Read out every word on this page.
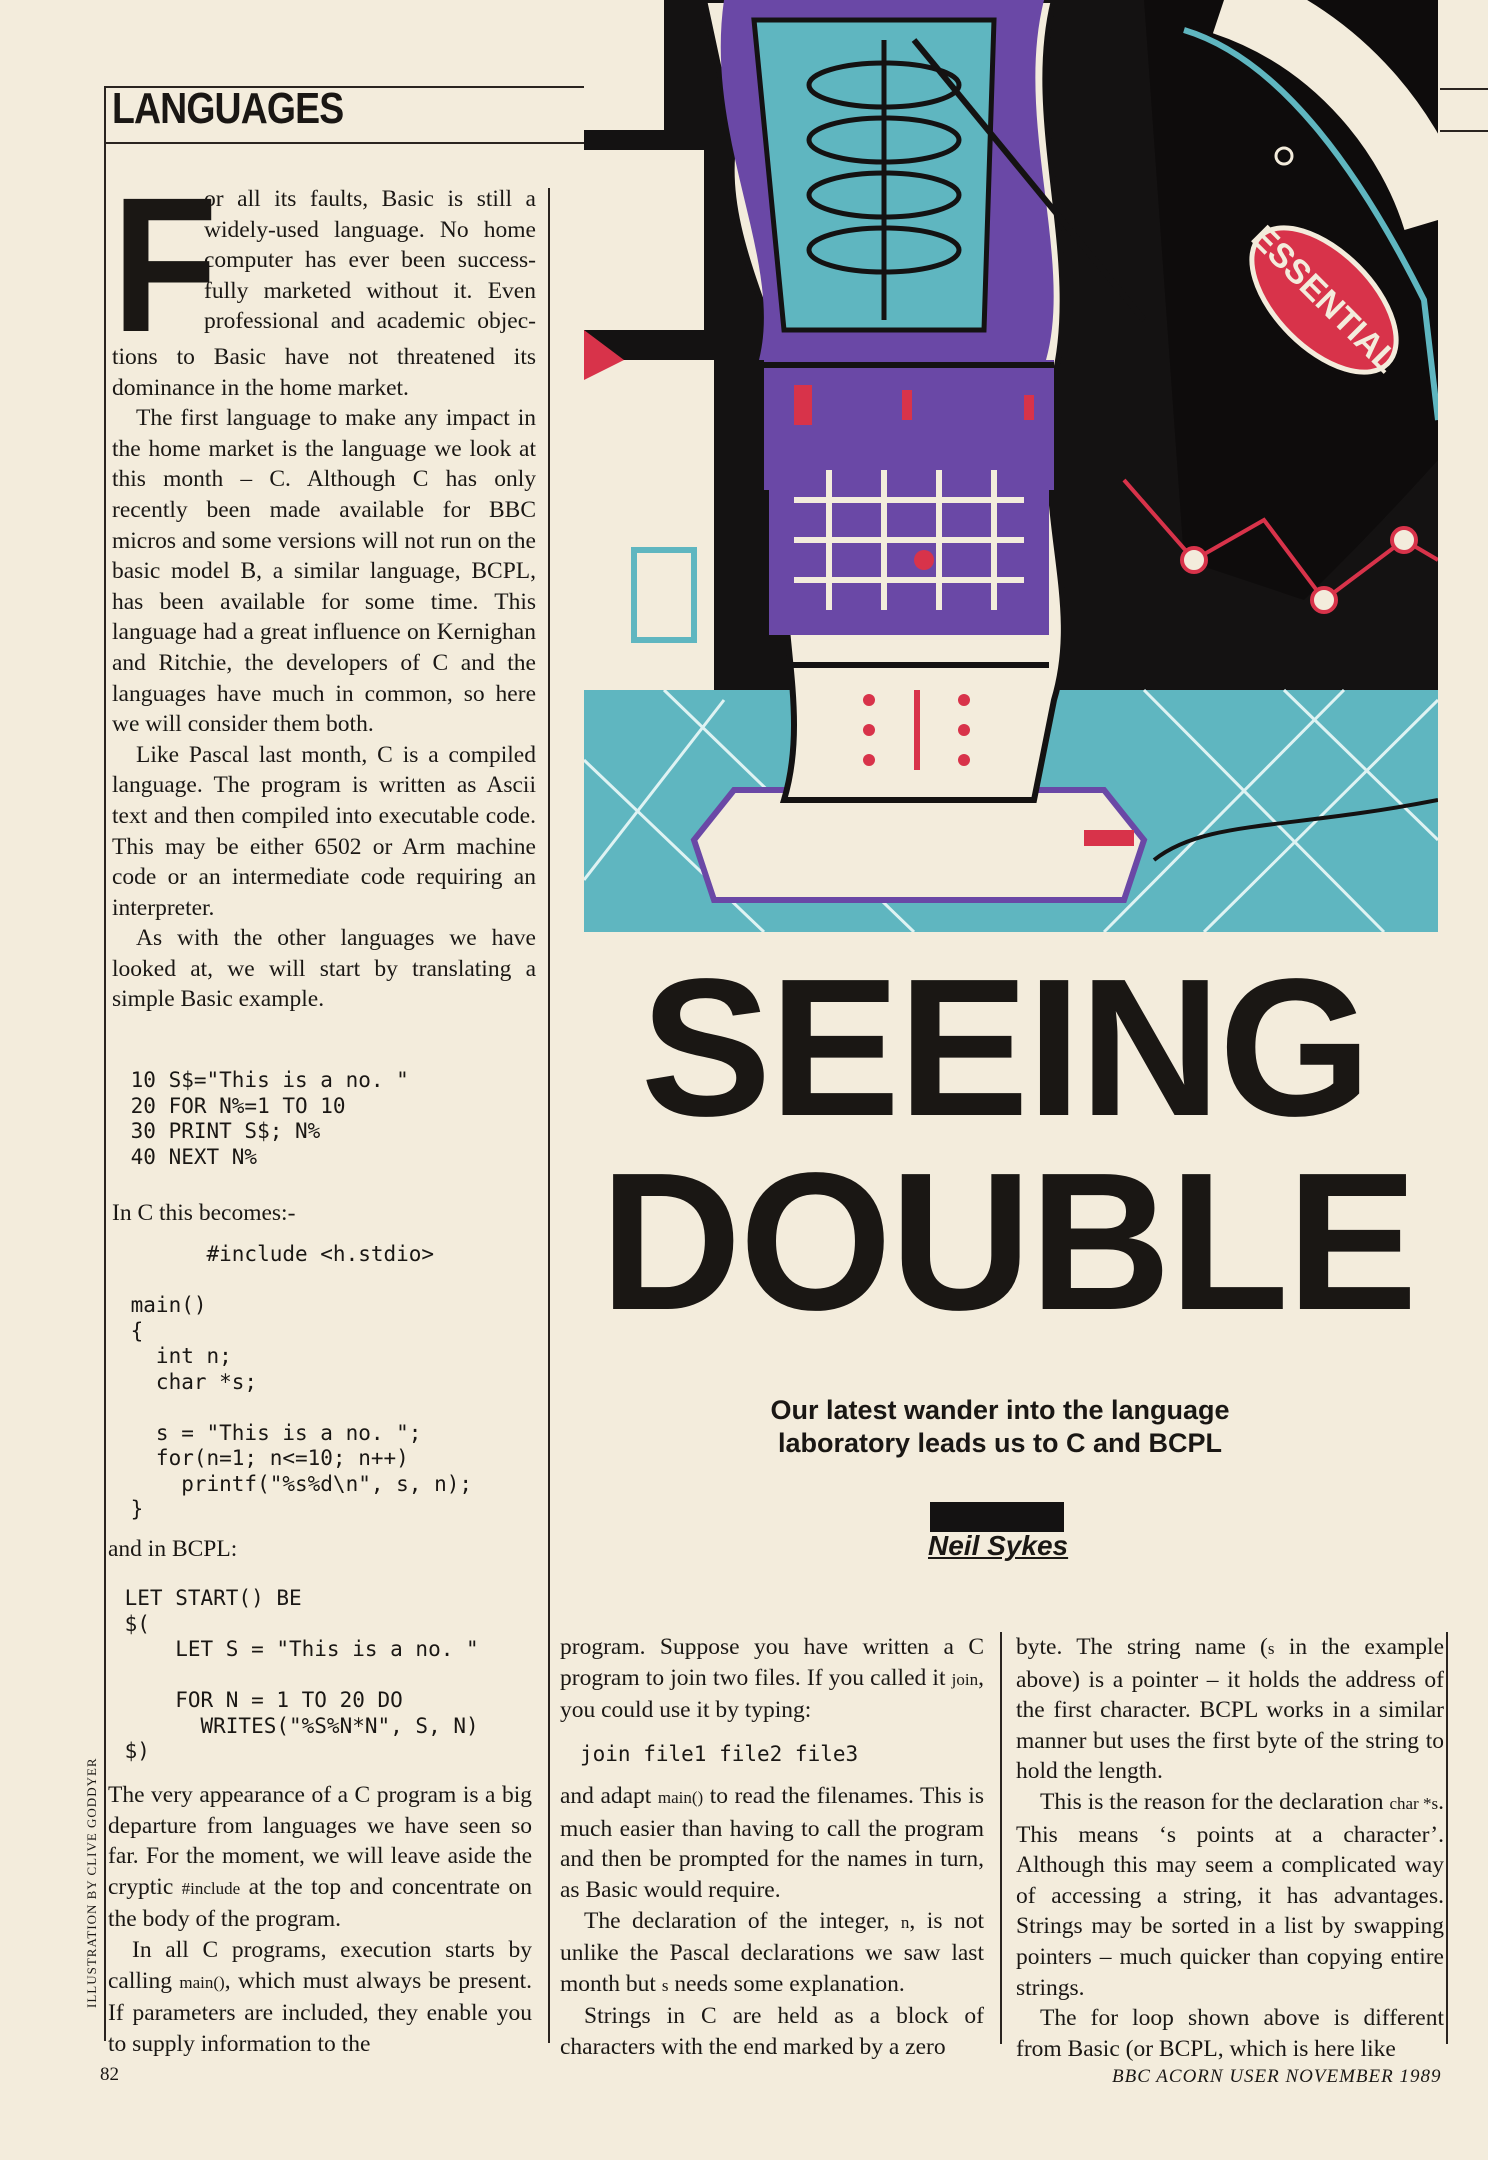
LANGUAGES
ILLUSTRATION BY CLIVE GODDYER
F
or all its faults, Basic is still a
widely-used language. No home
computer has ever been success-
fully marketed without it. Even
professional and academic objec-

tions to Basic have not threatened its dominance in the home market.

The first language to make any impact in the home market is the language we look at this month – C. Although C has only recently been made available for BBC micros and some versions will not run on the basic model B, a similar language, BCPL, has been available for some time. This language had a great influence on Kernighan and Ritchie, the developers of C and the languages have much in common, so here we will consider them both.

Like Pascal last month, C is a compiled language. The program is written as Ascii text and then compiled into executable code. This may be either 6502 or Arm machine code or an intermediate code requiring an interpreter.

As with the other languages we have looked at, we will start by translating a simple Basic example.

10 S$="This is a no. "
20 FOR N%=1 TO 10
30 PRINT S$; N%
40 NEXT N%
In C this becomes:-
#include <h.stdio>

main()
{
int n;
char *s;

s = "This is a no. ";
for(n=1; n<=10; n++)
printf("%s%d\n", s, n);
}
and in BCPL:
LET START() BE
$(
LET S = "This is a no. "

FOR N = 1 TO 20 DO
WRITES("%S%N*N", S, N)
$)

The very appearance of a C program is a big departure from languages we have seen so far. For the moment, we will leave aside the cryptic #include at the top and concentrate on the body of the program.

In all C programs, execution starts by calling main(), which must always be present. If parameters are included, they enable you to supply information to the

ESSENTIAL
SEEING
DOUBLE
Our latest wander into the language
laboratory leads us to C and BCPL
Neil Sykes

program. Suppose you have written a C program to join two files. If you called it join, you could use it by typing:

join file1 file2 file3

and adapt main() to read the filenames. This is much easier than having to call the program and then be prompted for the names in turn, as Basic would require.

The declaration of the integer, n, is not unlike the Pascal declarations we saw last month but s needs some explanation.

Strings in C are held as a block of characters with the end marked by a zero

byte. The string name (s in the example above) is a pointer – it holds the address of the first character. BCPL works in a similar manner but uses the first byte of the string to hold the length.

This is the reason for the declaration char *s. This means ‘s points at a character’. Although this may seem a complicated way of accessing a string, it has advantages. Strings may be sorted in a list by swapping pointers – much quicker than copying entire strings.

The for loop shown above is different from Basic (or BCPL, which is here like

82	BBC ACORN USER NOVEMBER 1989
